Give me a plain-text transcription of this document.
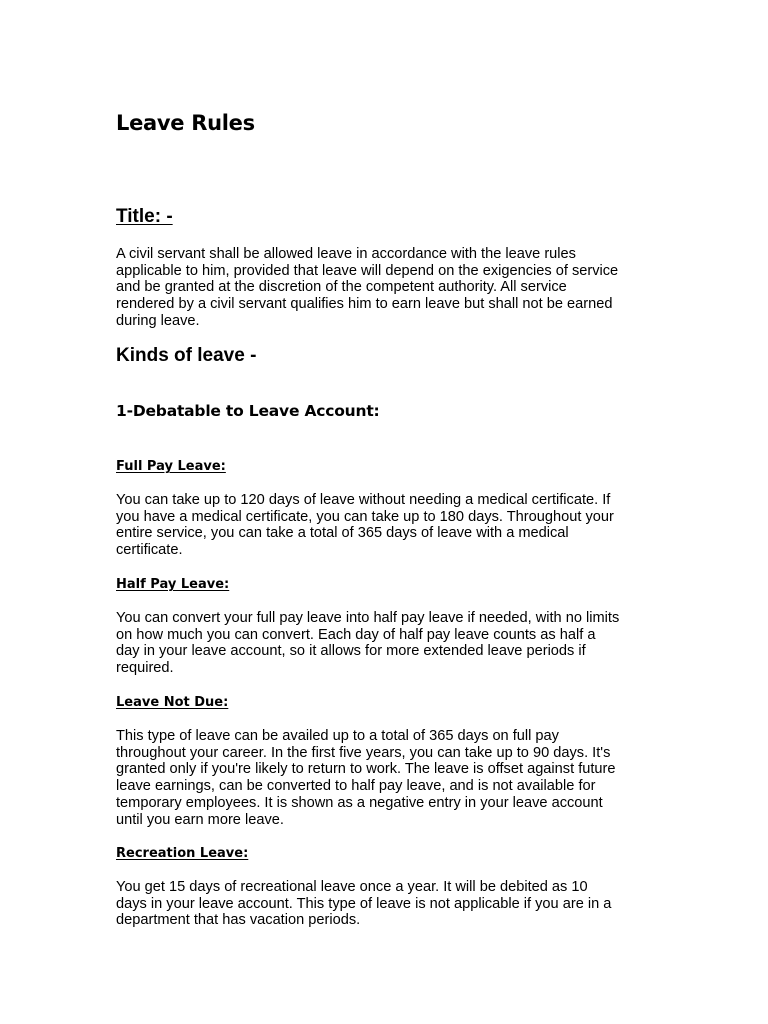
Leave Rules
Title: -

A civil servant shall be allowed leave in accordance with the leave rules
applicable to him, provided that leave will depend on the exigencies of service
and be granted at the discretion of the competent authority. All service
rendered by a civil servant qualifies him to earn leave but shall not be earned
during leave.

Kinds of leave -
1-Debatable to Leave Account:
Full Pay Leave:

You can take up to 120 days of leave without needing a medical certificate. If
you have a medical certificate, you can take up to 180 days. Throughout your
entire service, you can take a total of 365 days of leave with a medical
certificate.

Half Pay Leave:

You can convert your full pay leave into half pay leave if needed, with no limits
on how much you can convert. Each day of half pay leave counts as half a
day in your leave account, so it allows for more extended leave periods if
required.

Leave Not Due:

This type of leave can be availed up to a total of 365 days on full pay
throughout your career. In the first five years, you can take up to 90 days. It's
granted only if you're likely to return to work. The leave is offset against future
leave earnings, can be converted to half pay leave, and is not available for
temporary employees. It is shown as a negative entry in your leave account
until you earn more leave.

Recreation Leave:

You get 15 days of recreational leave once a year. It will be debited as 10
days in your leave account. This type of leave is not applicable if you are in a
department that has vacation periods.
